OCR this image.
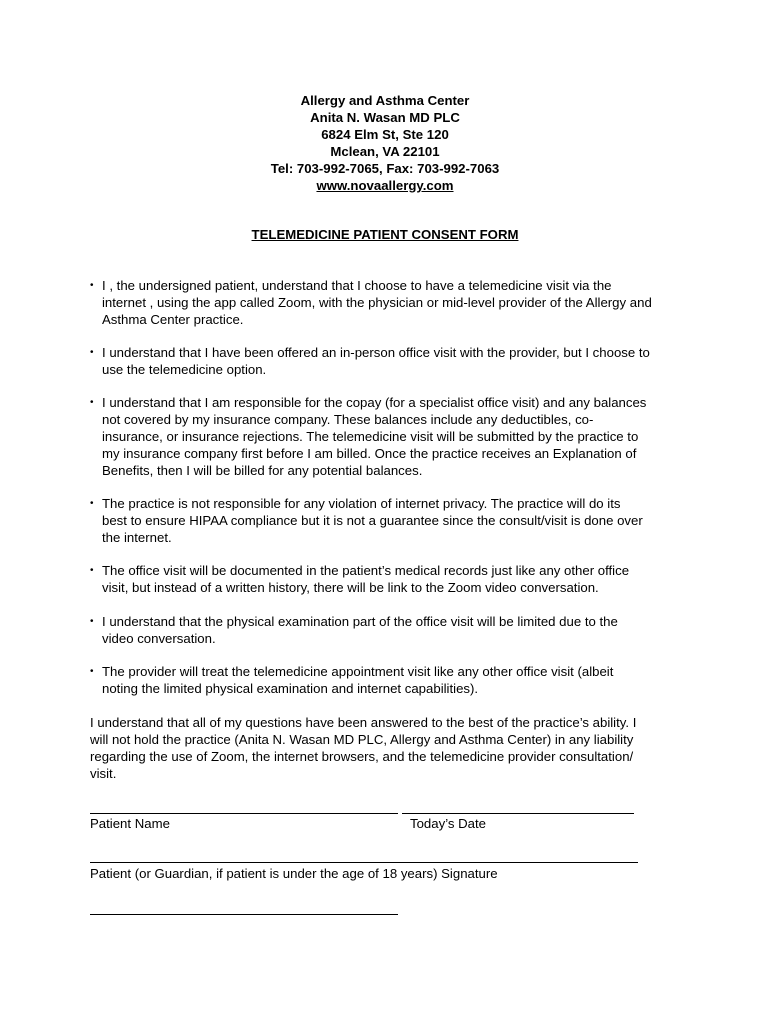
Allergy and Asthma Center
Anita N. Wasan MD PLC
6824 Elm St, Ste 120
Mclean, VA 22101
Tel: 703-992-7065, Fax: 703-992-7063
www.novaallergy.com
TELEMEDICINE PATIENT CONSENT FORM
• I , the undersigned patient, understand that I choose to have a telemedicine visit via the
internet , using the app called Zoom, with the physician or mid-level provider of the Allergy and
Asthma Center practice.
• I understand that I have been offered an in-person office visit with the provider, but I choose to
use the telemedicine option.
• I understand that I am responsible for the copay (for a specialist office visit) and any balances
not covered by my insurance company. These balances include any deductibles, co-
insurance, or insurance rejections. The telemedicine visit will be submitted by the practice to
my insurance company first before I am billed. Once the practice receives an Explanation of
Benefits, then I will be billed for any potential balances.
• The practice is not responsible for any violation of internet privacy. The practice will do its
best to ensure HIPAA compliance but it is not a guarantee since the consult/visit is done over
the internet.
• The office visit will be documented in the patient’s medical records just like any other office
visit, but instead of a written history, there will be link to the Zoom video conversation.
• I understand that the physical examination part of the office visit will be limited due to the
video conversation.
• The provider will treat the telemedicine appointment visit like any other office visit (albeit
noting the limited physical examination and internet capabilities).
I understand that all of my questions have been answered to the best of the practice’s ability. I
will not hold the practice (Anita N. Wasan MD PLC, Allergy and Asthma Center) in any liability
regarding the use of Zoom, the internet browsers, and the telemedicine provider consultation/
visit.
Patient Name	Today’s Date
Patient (or Guardian, if patient is under the age of 18 years) Signature
